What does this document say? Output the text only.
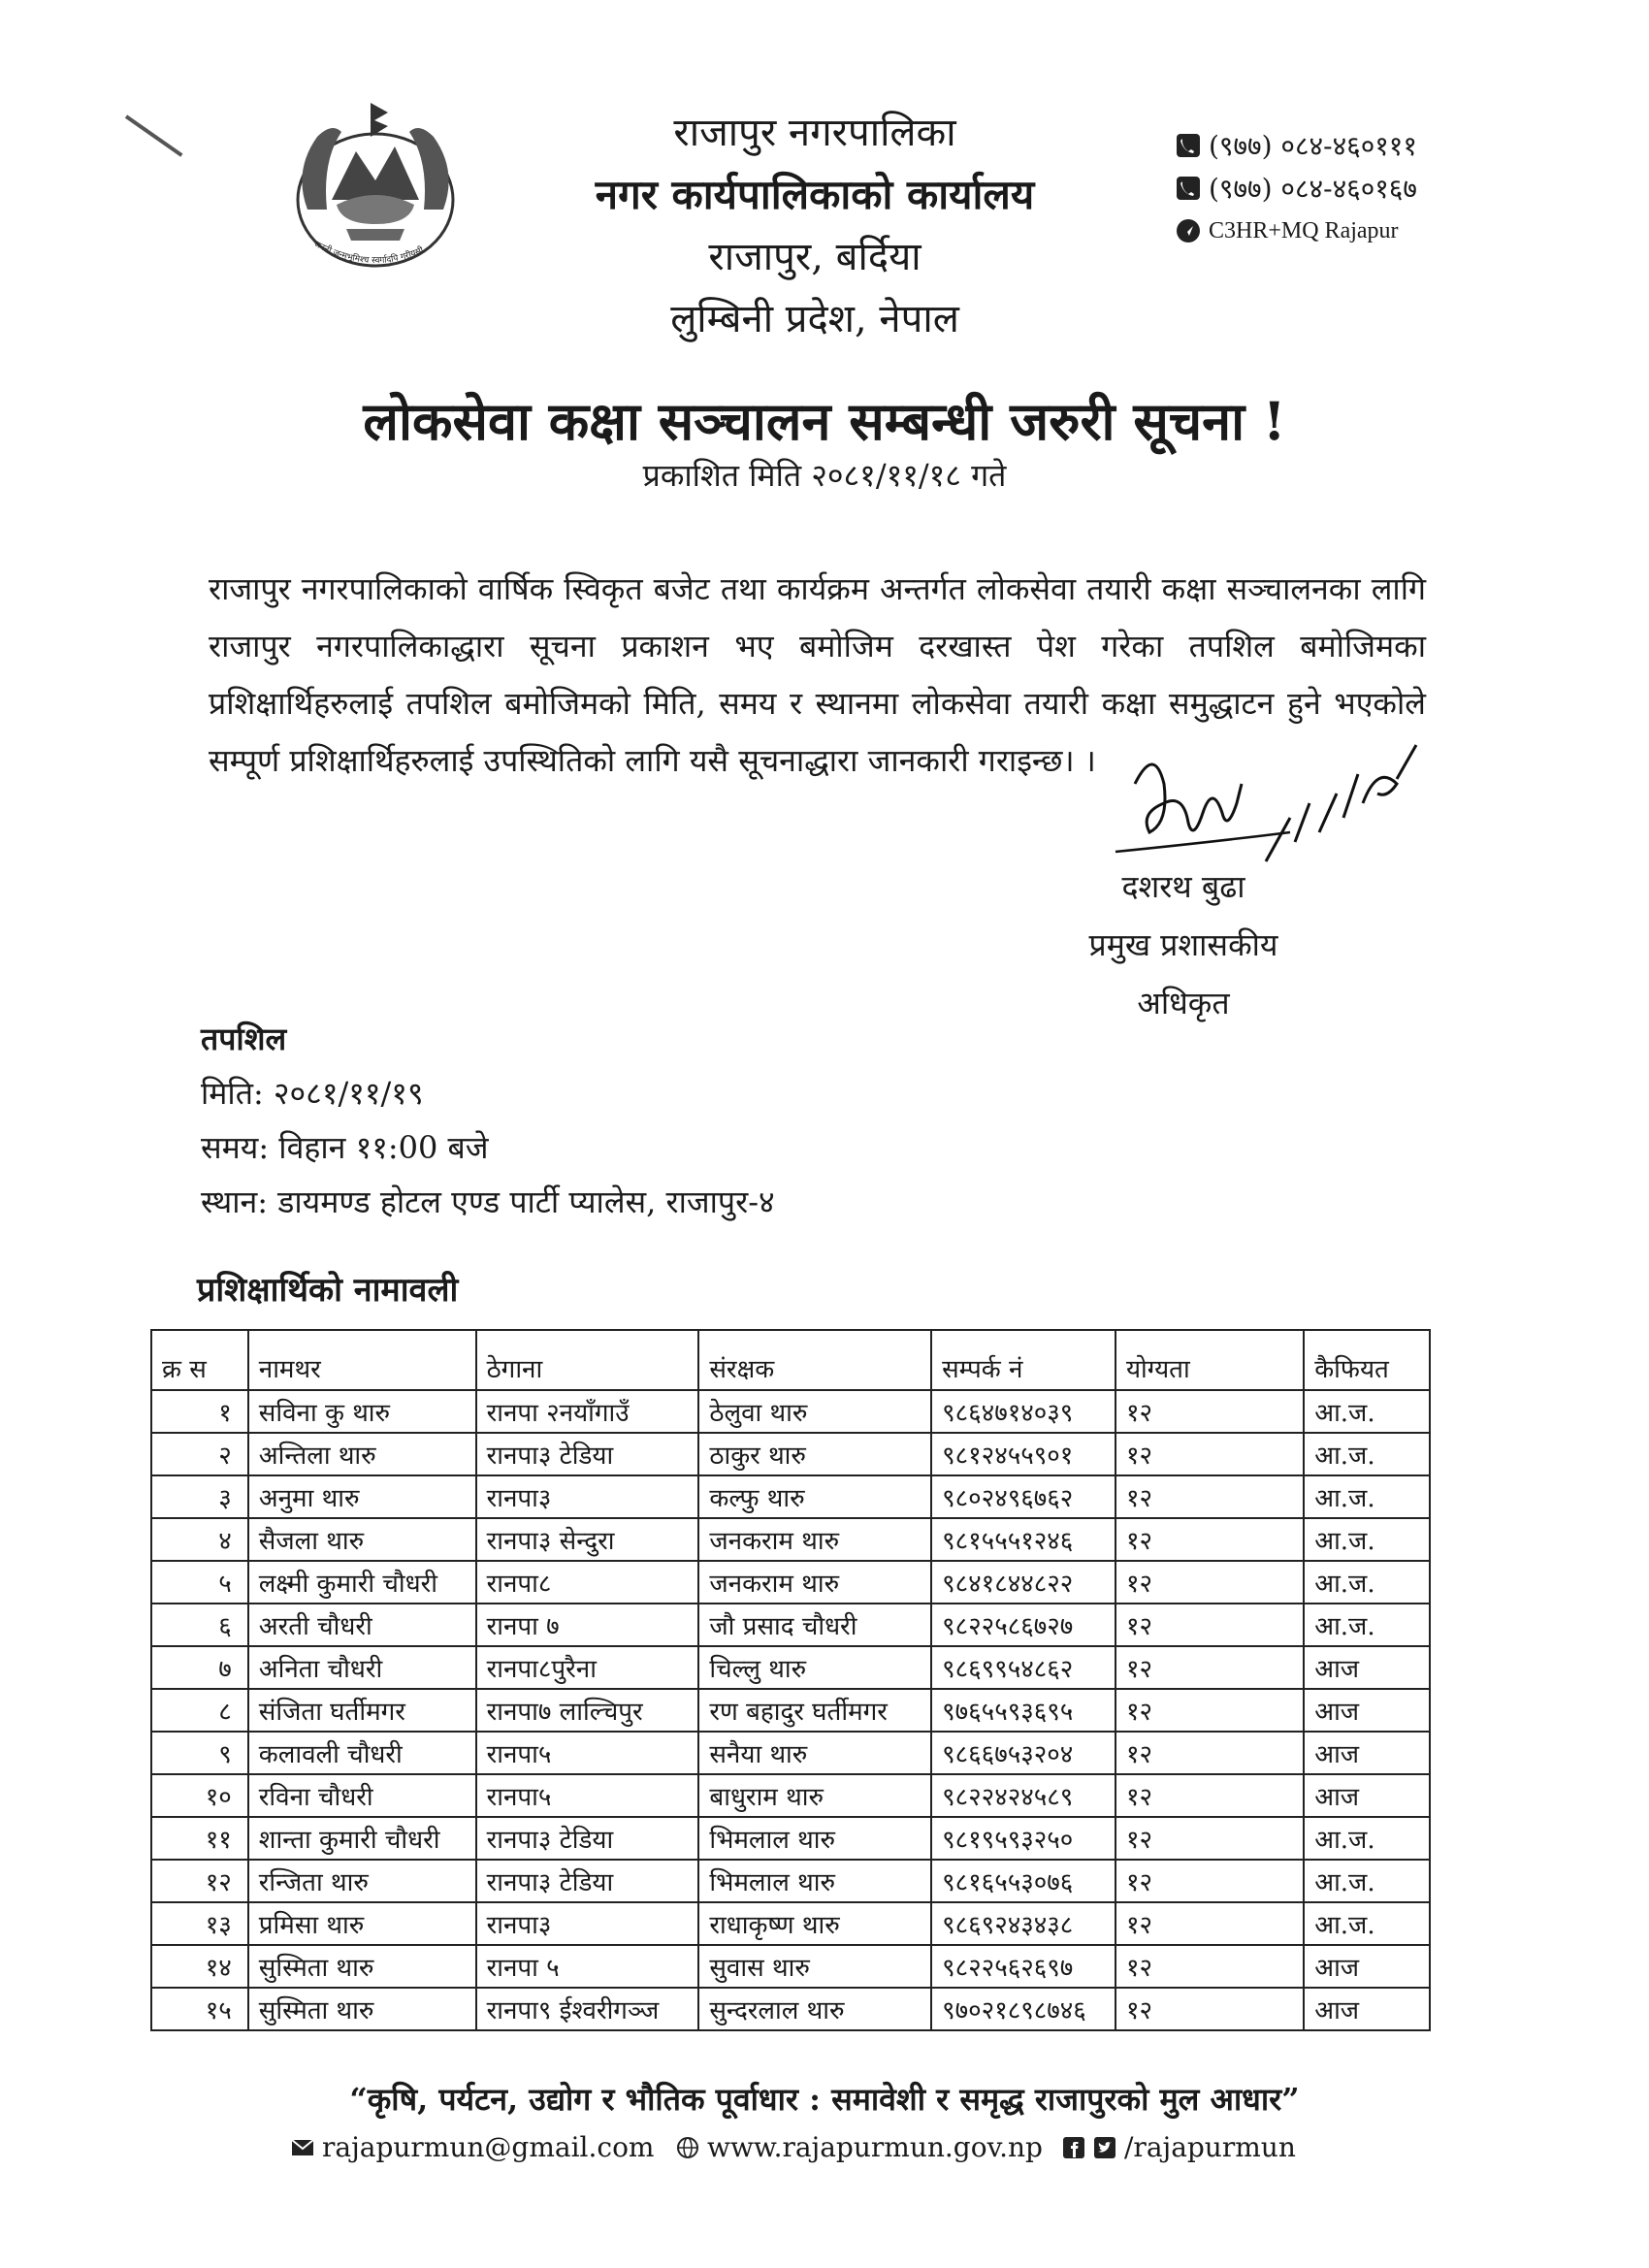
जननी जन्मभूमिश्च स्वर्गादपि गरीयसी
राजापुर नगरपालिका
नगर कार्यपालिकाको कार्यालय
राजापुर, बर्दिया
लुम्बिनी प्रदेश, नेपाल
(९७७) ०८४-४६०१११
(९७७) ०८४-४६०१६७
C3HR+MQ Rajapur
लोकसेवा कक्षा सञ्चालन सम्बन्धी जरुरी सूचना !
प्रकाशित मिति २०८१/११/१८ गते
राजापुर नगरपालिकाको वार्षिक स्विकृत बजेट तथा कार्यक्रम अन्तर्गत लोकसेवा तयारी कक्षा सञ्चालनका लागि राजापुर नगरपालिकाद्धारा सूचना प्रकाशन भए बमोजिम दरखास्त पेश गरेका तपशिल बमोजिमका प्रशिक्षार्थिहरुलाई तपशिल बमोजिमको मिति, समय र स्थानमा लोकसेवा तयारी कक्षा समुद्धाटन हुने भएकोले सम्पूर्ण प्रशिक्षार्थिहरुलाई उपस्थितिको लागि यसै सूचनाद्धारा जानकारी गराइन्छ। ।
दशरथ बुढा
प्रमुख प्रशासकीय अधिकृत
तपशिल
मिति: २०८१/११/१९
समय: विहान ११:00 बजे
स्थान: डायमण्ड होटल एण्ड पार्टी प्यालेस, राजापुर-४
प्रशिक्षार्थिको नामावली
क्र स	नामथर	ठेगाना	संरक्षक	सम्पर्क नं	योग्यता	कैफियत
१	सविना कु थारु	रानपा २नयाँगाउँ	ठेलुवा थारु	९८६४७१४०३९	१२	आ.ज.
२	अन्तिला थारु	रानपा३ टेडिया	ठाकुर थारु	९८१२४५५९०१	१२	आ.ज.
३	अनुमा थारु	रानपा३	कल्फु थारु	९८०२४९६७६२	१२	आ.ज.
४	सैजला थारु	रानपा३ सेन्दुरा	जनकराम थारु	९८१५५५१२४६	१२	आ.ज.
५	लक्ष्मी कुमारी चौधरी	रानपा८	जनकराम थारु	९८४१८४४८२२	१२	आ.ज.
६	अरती चौधरी	रानपा ७	जौ प्रसाद चौधरी	९८२२५८६७२७	१२	आ.ज.
७	अनिता चौधरी	रानपा८पुरैना	चिल्लु थारु	९८६९९५४८६२	१२	आज
८	संजिता घर्तीमगर	रानपा७ लाल्चिपुर	रण बहादुर घर्तीमगर	९७६५५९३६९५	१२	आज
९	कलावली चौधरी	रानपा५	सनैया थारु	९८६६७५३२०४	१२	आज
१०	रविना चौधरी	रानपा५	बाधुराम थारु	९८२२४२४५८९	१२	आज
११	शान्ता कुमारी चौधरी	रानपा३ टेडिया	भिमलाल थारु	९८१९५९३२५०	१२	आ.ज.
१२	रन्जिता थारु	रानपा३ टेडिया	भिमलाल थारु	९८१६५५३०७६	१२	आ.ज.
१३	प्रमिसा थारु	रानपा३	राधाकृष्ण थारु	९८६९२४३४३८	१२	आ.ज.
१४	सुस्मिता थारु	रानपा ५	सुवास थारु	९८२२५६२६९७	१२	आज
१५	सुस्मिता थारु	रानपा९ ईश्वरीगञ्ज	सुन्दरलाल थारु	९७०२१८९८७४६	१२	आज
“कृषि, पर्यटन, उद्योग र भौतिक पूर्वाधार : समावेशी र समृद्ध राजापुरको मुल आधार”
rajapurmun@gmail.com www.rajapurmun.gov.np	/rajapurmun
